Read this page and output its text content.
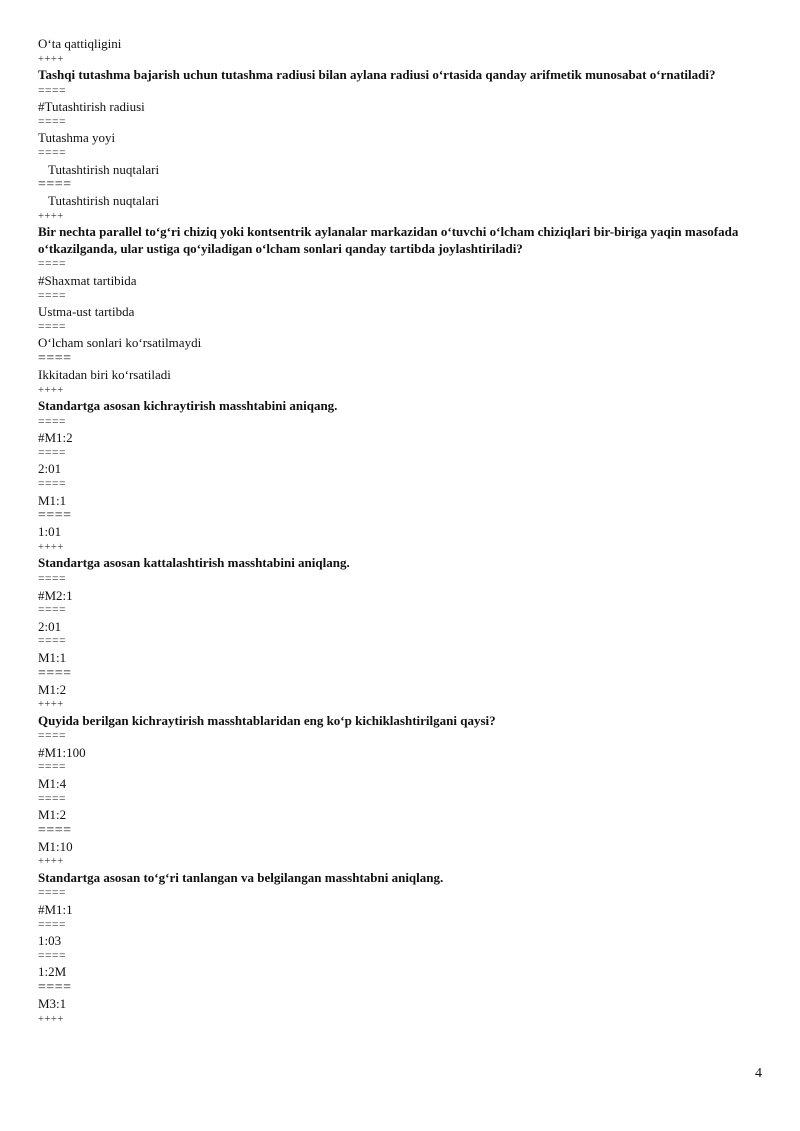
O‘ta qattiqligini
++++
Tashqi tutashma bajarish uchun tutashma radiusi bilan aylana radiusi o‘rtasida qanday arifmetik munosabat o‘rnatiladi?
====
#Tutashtirish radiusi
====
Tutashma yoyi
====
Tutashtirish nuqtalari
====
Tutashtirish nuqtalari
++++
Bir nechta parallel to‘g‘ri chiziq yoki kontsentrik aylanalar markazidan o‘tuvchi o‘lcham chiziqlari bir-biriga yaqin masofada o‘tkazilganda, ular ustiga qo‘yiladigan o‘lcham sonlari qanday tartibda joylashtiriladi?
====
#Shaxmat tartibida
====
Ustma-ust tartibda
====
O‘lcham sonlari ko‘rsatilmaydi
====
Ikkitadan biri ko‘rsatiladi
++++
Standartga asosan kichraytirish masshtabini aniqang.
====
#M1:2
====
2:01
====
M1:1
====
1:01
++++
Standartga asosan kattalashtirish masshtabini aniqlang.
====
#M2:1
====
2:01
====
M1:1
====
M1:2
++++
Quyida berilgan kichraytirish masshtablaridan eng ko‘p kichiklashtirilgani qaysi?
====
#M1:100
====
M1:4
====
M1:2
====
M1:10
++++
Standartga asosan to‘g‘ri tanlangan va belgilangan masshtabni aniqlang.
====
#M1:1
====
1:03
====
1:2M
====
M3:1
++++
4
